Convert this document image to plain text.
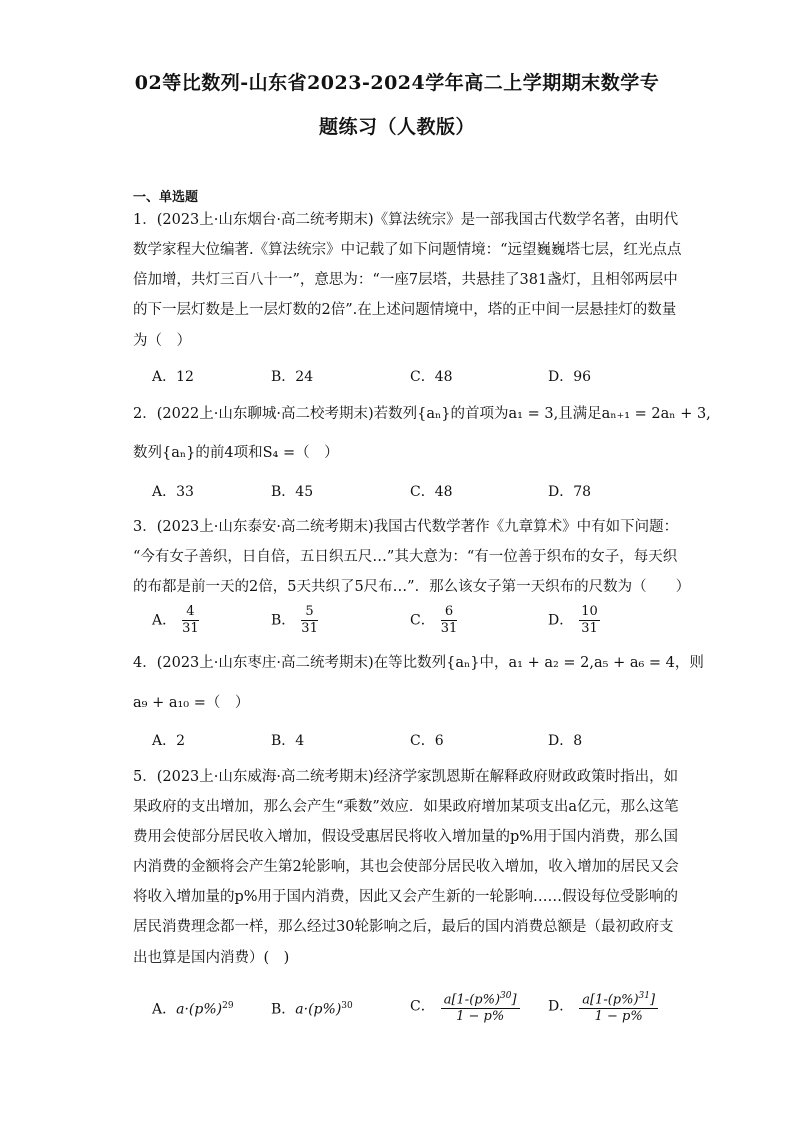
02等比数列-山东省2023-2024学年高二上学期期末数学专
题练习（人教版）
一、单选题
1．(2023上·山东烟台·高二统考期末)《算法统宗》是一部我国古代数学名著，由明代
数学家程大位编著.《算法统宗》中记载了如下问题情境：“远望巍巍塔七层，红光点点
倍加增，共灯三百八十一”，意思为：“一座7层塔，共悬挂了381盏灯，且相邻两层中
的下一层灯数是上一层灯数的2倍”.在上述问题情境中，塔的正中间一层悬挂灯的数量
为（　）
A．12	B．24	C．48	D．96
2．(2022上·山东聊城·高二校考期末)若数列{aₙ}的首项为a₁ = 3,且满足aₙ₊₁ = 2aₙ + 3,
数列{aₙ}的前4项和S₄ =（　）
A．33	B．45	C．48	D．78
3．(2023上·山东泰安·高二统考期末)我国古代数学著作《九章算术》中有如下问题：
“今有女子善织，日自倍，五日织五尺…”其大意为：“有一位善于织布的女子，每天织
的布都是前一天的2倍，5天共织了5尺布…”．那么该女子第一天织布的尺数为（　　）
A． $\frac{4}{31}$	B． $\frac{5}{31}$	C． $\frac{6}{31}$	D． $\frac{10}{31}$
4．(2023上·山东枣庄·高二统考期末)在等比数列{aₙ}中，a₁ + a₂ = 2,a₅ + a₆ = 4，则
a₉ + a₁₀ =（　）
A．2	B．4	C．6	D．8
5．(2023上·山东威海·高二统考期末)经济学家凯恩斯在解释政府财政政策时指出，如
果政府的支出增加，那么会产生“乘数”效应．如果政府增加某项支出a亿元，那么这笔
费用会使部分居民收入增加，假设受惠居民将收入增加量的p%用于国内消费，那么国
内消费的金额将会产生第2轮影响，其也会使部分居民收入增加，收入增加的居民又会
将收入增加量的p%用于国内消费，因此又会产生新的一轮影响……假设每位受影响的
居民消费理念都一样，那么经过30轮影响之后，最后的国内消费总额是（最初政府支
出也算是国内消费）(　)
A．$a\cdot(p\%)^{29}$	B．$a\cdot(p\%)^{30}$	C． $\frac{a[1-(p\%)^{30}]}{1 - p\%}$ D． $\frac{a[1-(p\%)^{31}]}{1 - p\%}$
